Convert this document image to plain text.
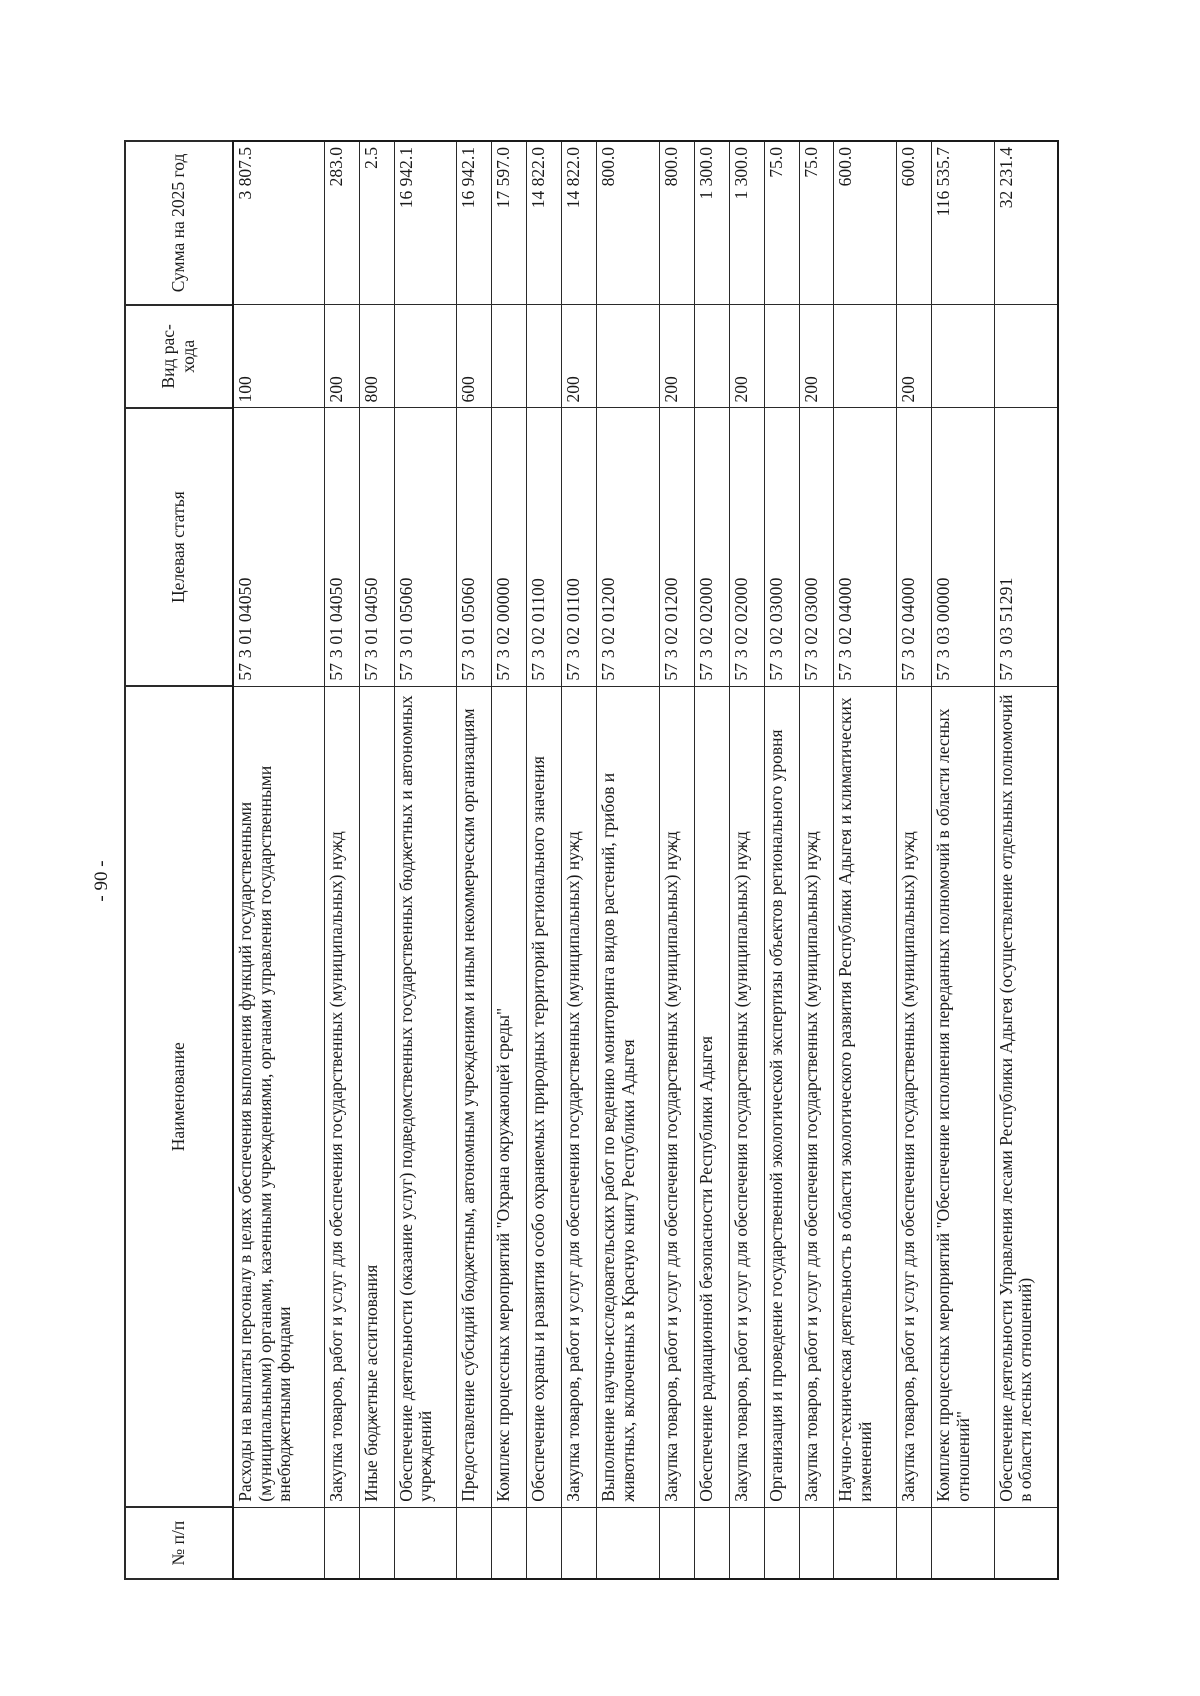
- 90 -
№ п/п	Наименование	Целевая статья	Вид рас- хода	Сумма на 2025 год
	Расходы на выплаты персоналу в целях обеспечения выполнения функций государственными (муниципальными) органами, казенными учреждениями, органами управления государственными внебюджетными фондами	57 3 01 04050	100	3 807.5
	Закупка товаров, работ и услуг для обеспечения государственных (муниципальных) нужд	57 3 01 04050	200	283.0
	Иные бюджетные ассигнования	57 3 01 04050	800	2.5
	Обеспечение деятельности (оказание услуг) подведомственных государственных бюджетных и автономных учреждений	57 3 01 05060		16 942.1
	Предоставление субсидий бюджетным, автономным учреждениям и иным некоммерческим организациям	57 3 01 05060	600	16 942.1
	Комплекс процессных мероприятий "Охрана окружающей среды"	57 3 02 00000		17 597.0
	Обеспечение охраны и развития особо охраняемых природных территорий регионального значения	57 3 02 01100		14 822.0
	Закупка товаров, работ и услуг для обеспечения государственных (муниципальных) нужд	57 3 02 01100	200	14 822.0
	Выполнение научно-исследовательских работ по ведению мониторинга видов растений, грибов и животных, включенных в Красную книгу Республики Адыгея	57 3 02 01200		800.0
	Закупка товаров, работ и услуг для обеспечения государственных (муниципальных) нужд	57 3 02 01200	200	800.0
	Обеспечение радиационной безопасности Республики Адыгея	57 3 02 02000		1 300.0
	Закупка товаров, работ и услуг для обеспечения государственных (муниципальных) нужд	57 3 02 02000	200	1 300.0
	Организация и проведение государственной экологической экспертизы объектов регионального уровня	57 3 02 03000		75.0
	Закупка товаров, работ и услуг для обеспечения государственных (муниципальных) нужд	57 3 02 03000	200	75.0
	Научно-техническая деятельность в области экологического развития Республики Адыгея и климатических изменений	57 3 02 04000		600.0
	Закупка товаров, работ и услуг для обеспечения государственных (муниципальных) нужд	57 3 02 04000	200	600.0
	Комплекс процессных мероприятий "Обеспечение исполнения переданных полномочий в области лесных отношений"	57 3 03 00000		116 535.7
	Обеспечение деятельности Управления лесами Республики Адыгея (осуществление отдельных полномочий в области лесных отношений)	57 3 03 51291		32 231.4
